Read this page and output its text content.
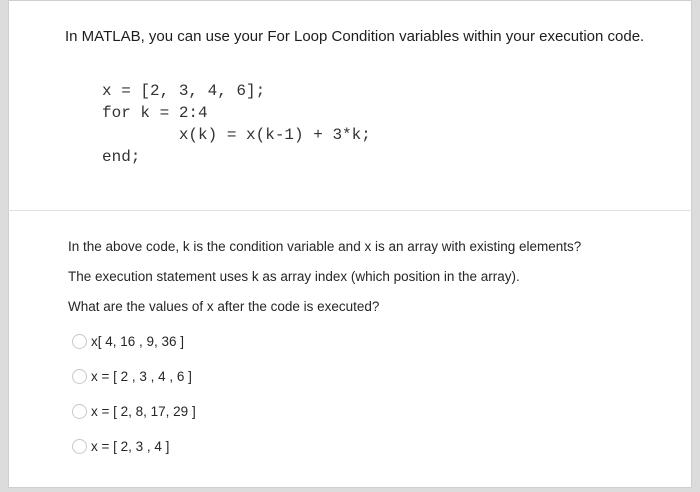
In MATLAB, you can use your For Loop Condition variables within your execution code.
x = [2, 3, 4, 6];
for k = 2:4
x(k) = x(k-1) + 3*k;
end;
In the above code, k is the condition variable and x is an array with existing elements?
The execution statement uses k as array index (which position in the array).
What are the values of x after the code is executed?
x[ 4, 16 , 9, 36 ]
x = [ 2 , 3 , 4 , 6 ]
x = [ 2, 8, 17, 29 ]
x = [ 2, 3 , 4 ]
